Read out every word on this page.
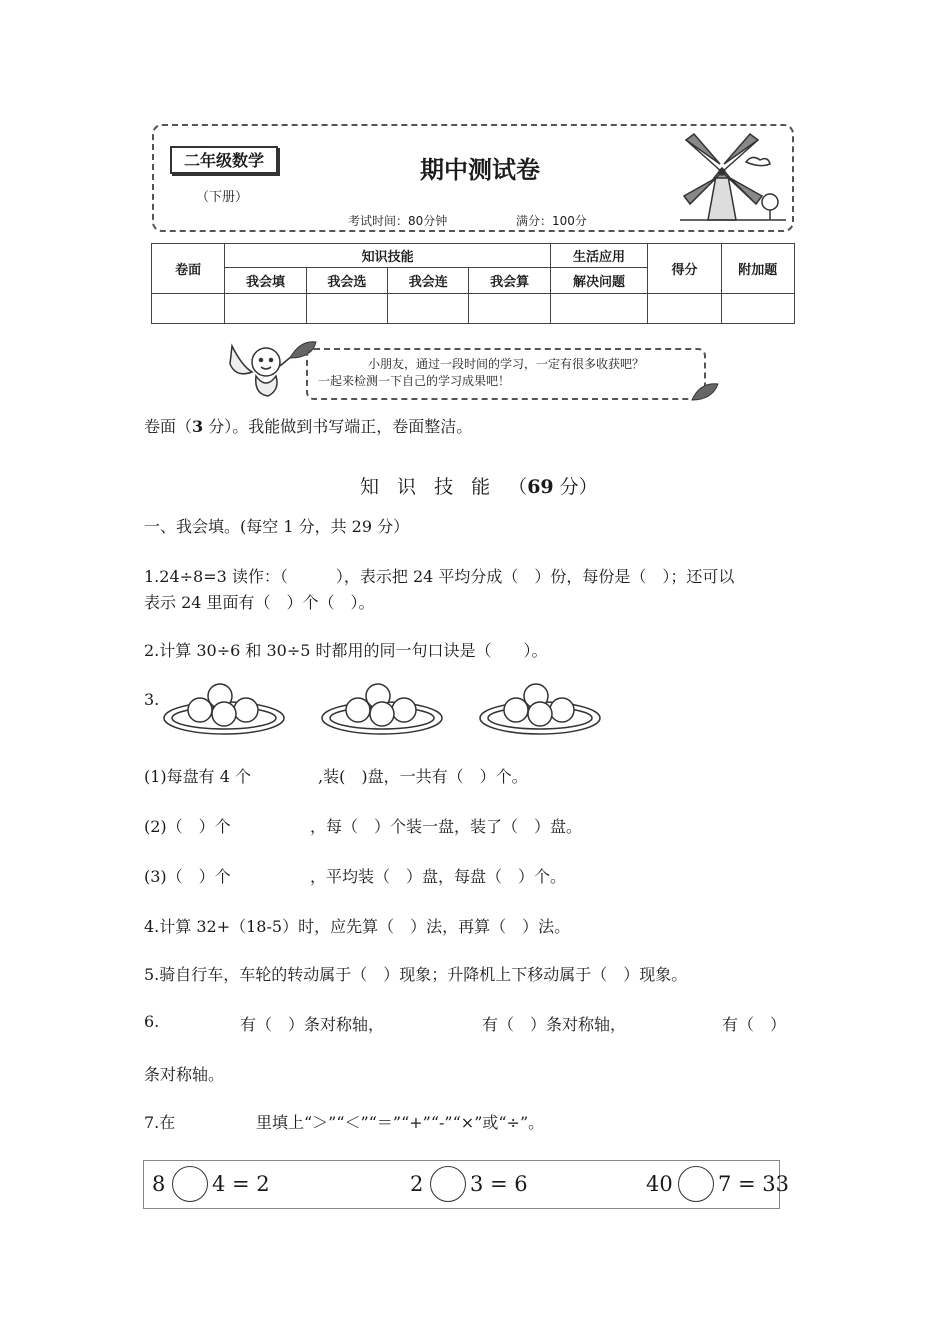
二年级数学
（下册）
期中测试卷
考试时间：80分钟	满分：100分
卷面	知识技能				生活应用	得分	附加题
	我会填	我会选	我会连	我会算	解决问题		

小朋友，通过一段时间的学习，一定有很多收获吧？
一起来检测一下自己的学习成果吧！
卷面（3 分）。我能做到书写端正，卷面整洁。
知 识 技 能 （69 分）
一、我会填。(每空 1 分，共 29 分）
1.24÷8=3 读作：（　　　），表示把 24 平均分成（　）份，每份是（　）；还可以
表示 24 里面有（　）个（　）。
2.计算 30÷6 和 30÷5 时都用的同一句口诀是（　　）。
3.
(1)每盘有 4 个	,装(　)盘，一共有（　）个。
(2)（　）个	，每（　）个装一盘，装了（　）盘。
(3)（　）个	，平均装（　）盘，每盘（　）个。
4.计算 32+（18-5）时，应先算（　）法，再算（　）法。
5.骑自行车，车轮的转动属于（　）现象；升降机上下移动属于（　）现象。
6.	有（　）条对称轴，	有（　）条对称轴，	有（　）
条对称轴。
7.在	里填上“＞”“＜”“＝”“+”“-”“×”或“÷”。
8 4 = 2	2 3 = 6	40 7 = 33
